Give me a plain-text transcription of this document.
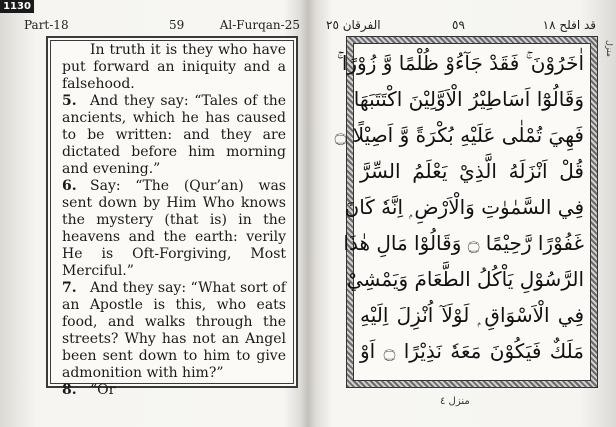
1130
Part-18	59	Al-Furqan-25

In truth it is they who have put forward an iniquity and a falsehood.

5. And they say: “Tales of the ancients, which he has caused to be written: and they are dictated before him morning and evening.”

6. Say: “The (Qur’an) was sent down by Him Who knows the mystery (that is) in the heavens and the earth: verily He is Oft-Forgiving, Most Merciful.”

7. And they say: “What sort of an Apostle is this, who eats food, and walks through the streets? Why has not an Angel been sent down to him to give admonition with him?”

8. “Or

قد افلح ١٨
٥٩
الفرقان ٢٥
منزل
اٰخَرُوْنَ ۚ فَقَدْ جَآءُوْ ظُلْمًا وَّ زُوْرًا ۚ
وَقَالُوْٓا اَسَاطِيْرُ الْاَوَّلِيْنَ اكْتَتَبَهَا
فَهِيَ تُمْلٰى عَلَيْهِ بُكْرَةً وَّ اَصِيْلًا ۝
قُلْ اَنْزَلَهُ الَّذِيْ يَعْلَمُ السِّرَّ
فِي السَّمٰوٰتِ وَالْاَرْضِ ۭ اِنَّهٗ كَانَ
غَفُوْرًا رَّحِيْمًا ۝ وَقَالُوْا مَالِ هٰذَا
الرَّسُوْلِ يَاْكُلُ الطَّعَامَ وَيَمْشِيْ
فِي الْاَسْوَاقِ ۭ لَوْلَآ اُنْزِلَ اِلَيْهِ
مَلَكٌ فَيَكُوْنَ مَعَهٗ نَذِيْرًا ۝ اَوْ
منزل ٤
